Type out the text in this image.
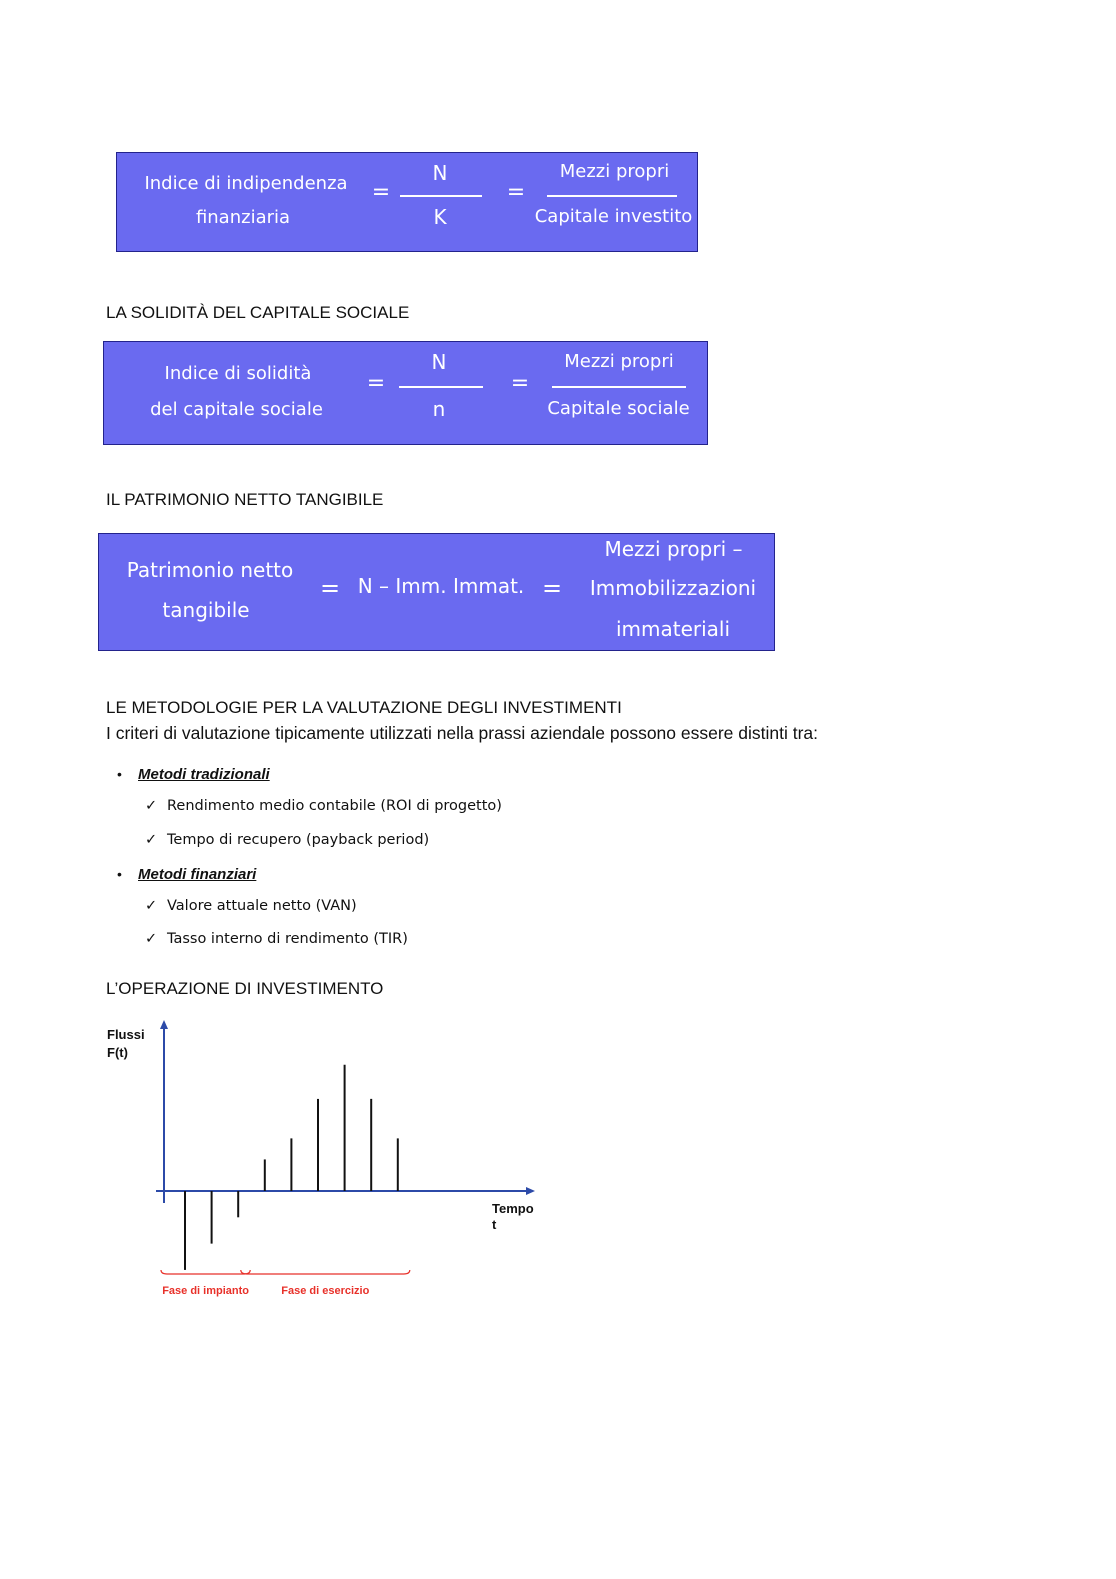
Indice di indipendenza
finanziaria
=
N
K
=
Mezzi propri
Capitale investito
LA SOLIDITÀ DEL CAPITALE SOCIALE
Indice di solidità
del capitale sociale
=
N
n
=
Mezzi propri
Capitale sociale
IL PATRIMONIO NETTO TANGIBILE
Patrimonio netto
tangibile
= N – Imm. Immat. =
Mezzi propri –
Immobilizzazioni
immateriali
LE METODOLOGIE PER LA VALUTAZIONE DEGLI INVESTIMENTI
I criteri di valutazione tipicamente utilizzati nella prassi aziendale possono essere distinti tra:
• Metodi tradizionali
✓ Rendimento medio contabile (ROI di progetto)
✓ Tempo di recupero (payback period)
• Metodi finanziari
✓ Valore attuale netto (VAN)
✓ Tasso interno di rendimento (TIR)
L’OPERAZIONE DI INVESTIMENTO
Flussi
F(t)
Tempo
t
Fase di impianto	Fase di esercizio
